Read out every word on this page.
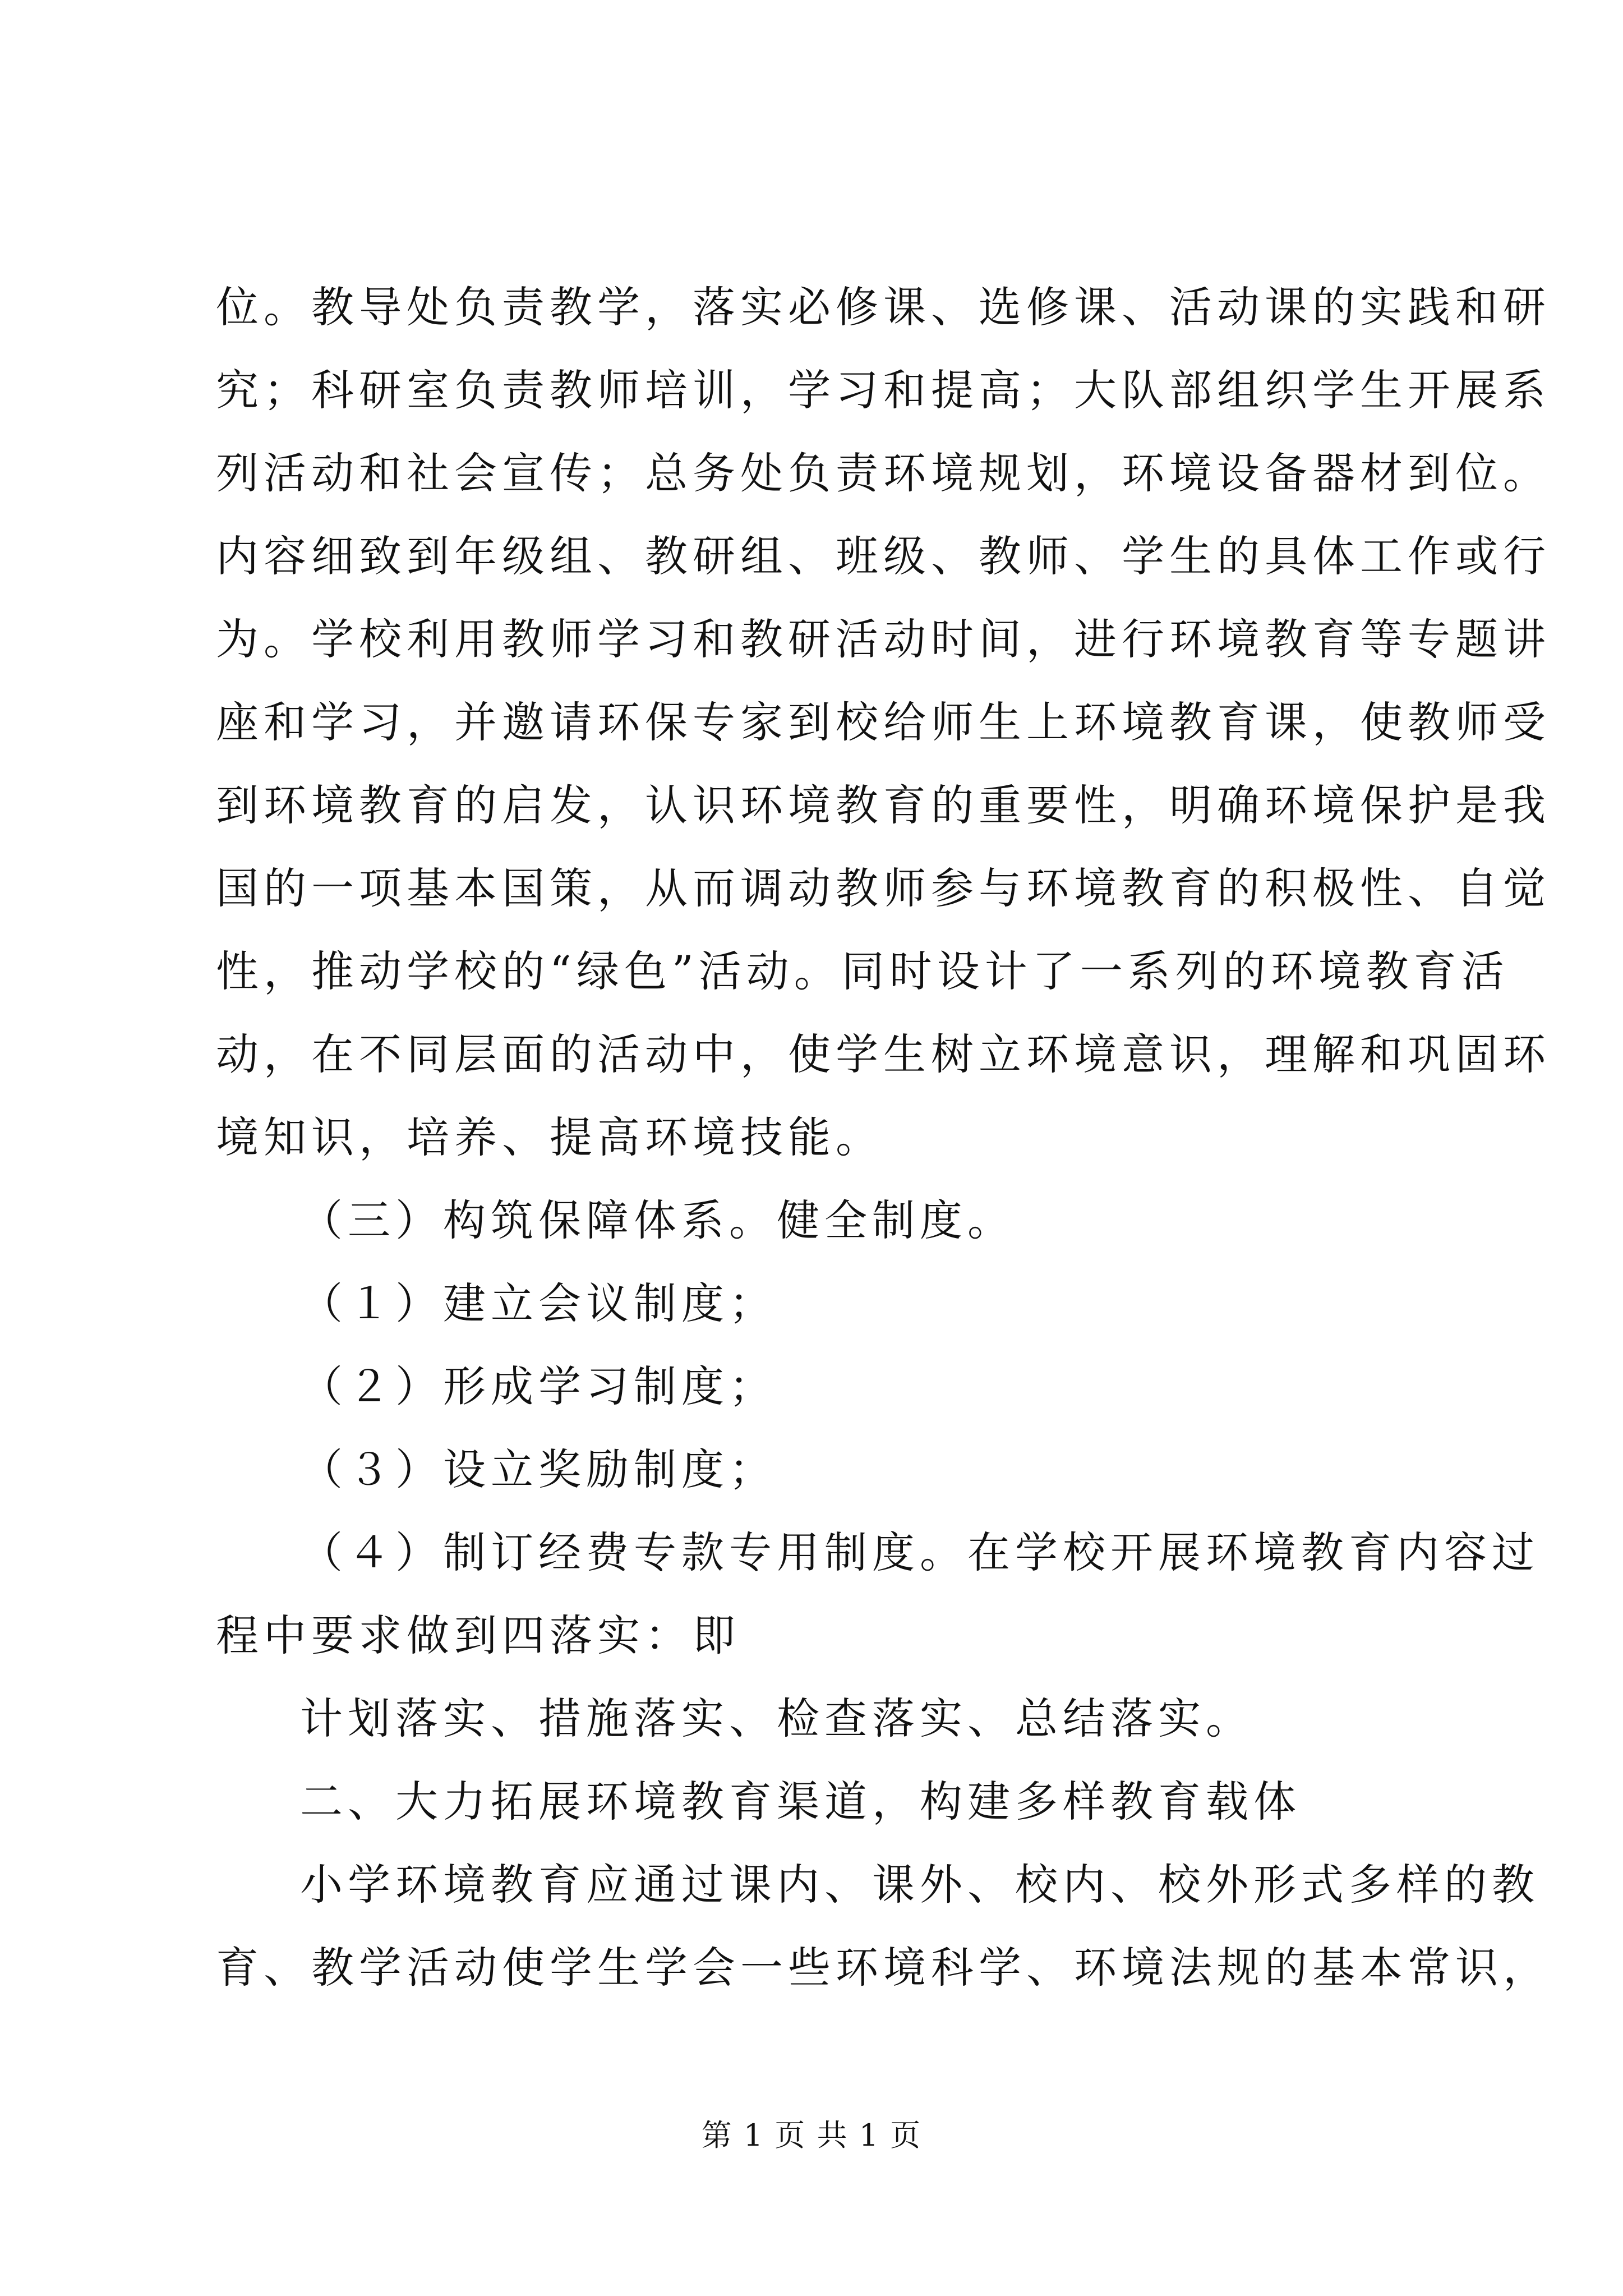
位。教导处负责教学，落实必修课、选修课、活动课的实践和研
究；科研室负责教师培训，学习和提高；大队部组织学生开展系
列活动和社会宣传；总务处负责环境规划，环境设备器材到位。
内容细致到年级组、教研组、班级、教师、学生的具体工作或行
为。学校利用教师学习和教研活动时间，进行环境教育等专题讲
座和学习，并邀请环保专家到校给师生上环境教育课，使教师受
到环境教育的启发，认识环境教育的重要性，明确环境保护是我
国的一项基本国策，从而调动教师参与环境教育的积极性、自觉
性，推动学校的“绿色”活动。同时设计了一系列的环境教育活
动，在不同层面的活动中，使学生树立环境意识，理解和巩固环
境知识，培养、提高环境技能。
（三）构筑保障体系。健全制度。
（１）建立会议制度；
（２）形成学习制度；
（３）设立奖励制度；
（４）制订经费专款专用制度。在学校开展环境教育内容过
程中要求做到四落实：即
计划落实、措施落实、检查落实、总结落实。
二、大力拓展环境教育渠道，构建多样教育载体
小学环境教育应通过课内、课外、校内、校外形式多样的教
育、教学活动使学生学会一些环境科学、环境法规的基本常识，
第 1 页 共 1 页
